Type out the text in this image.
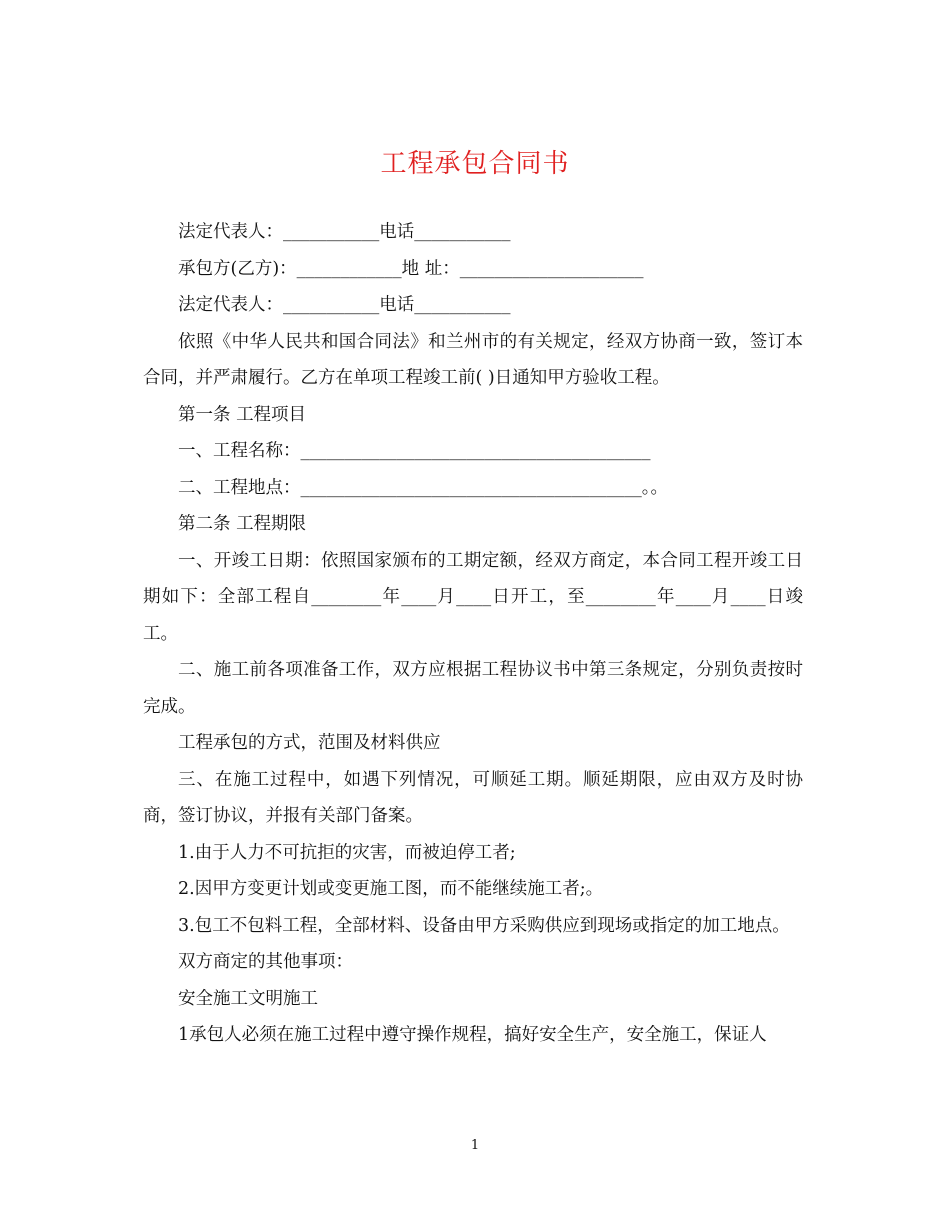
工程承包合同书

法定代表人：___________电话___________

承包方(乙方)：____________地 址：_____________________

法定代表人：___________电话___________

依照《中华人民共和国合同法》和兰州市的有关规定，经双方协商一致，签订本合同，并严肃履行。乙方在单项工程竣工前( )日通知甲方验收工程。

第一条 工程项目

一、工程名称：________________________________________

二、工程地点：_______________________________________。。

第二条 工程期限

一、开竣工日期：依照国家颁布的工期定额，经双方商定，本合同工程开竣工日期如下：全部工程自________年____月____日开工，至________年____月____日竣工。

二、施工前各项准备工作，双方应根据工程协议书中第三条规定，分别负责按时完成。

工程承包的方式，范围及材料供应

三、在施工过程中，如遇下列情况，可顺延工期。顺延期限，应由双方及时协商，签订协议，并报有关部门备案。

1.由于人力不可抗拒的灾害，而被迫停工者;

2.因甲方变更计划或变更施工图，而不能继续施工者;。

3.包工不包料工程，全部材料、设备由甲方采购供应到现场或指定的加工地点。

双方商定的其他事项：

安全施工文明施工

1承包人必须在施工过程中遵守操作规程，搞好安全生产，安全施工，保证人

1
